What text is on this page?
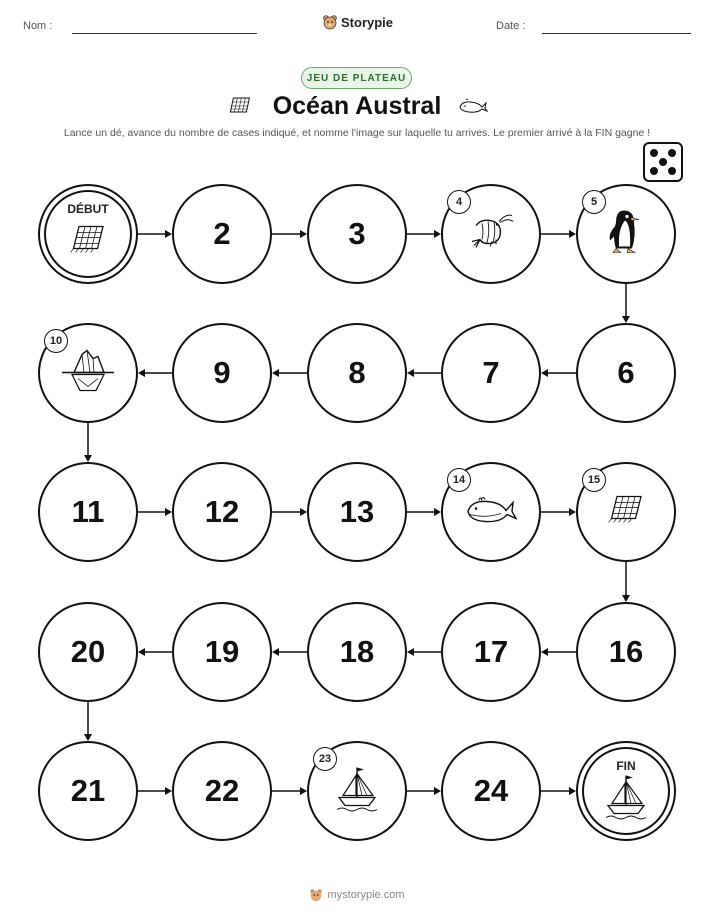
Nom :	Storypie	Date :
JEU DE PLATEAU
Océan Austral
Lance un dé, avance du nombre de cases indiqué, et nomme l'image sur laquelle tu arrives. Le premier arrivé à la FIN gagne !
DÉBUT
2	3
4	5
6
7
8
9
10
11	12	13
14	15
16
17
18
19
20
21	22
23
24
FIN
mystorypie.com
